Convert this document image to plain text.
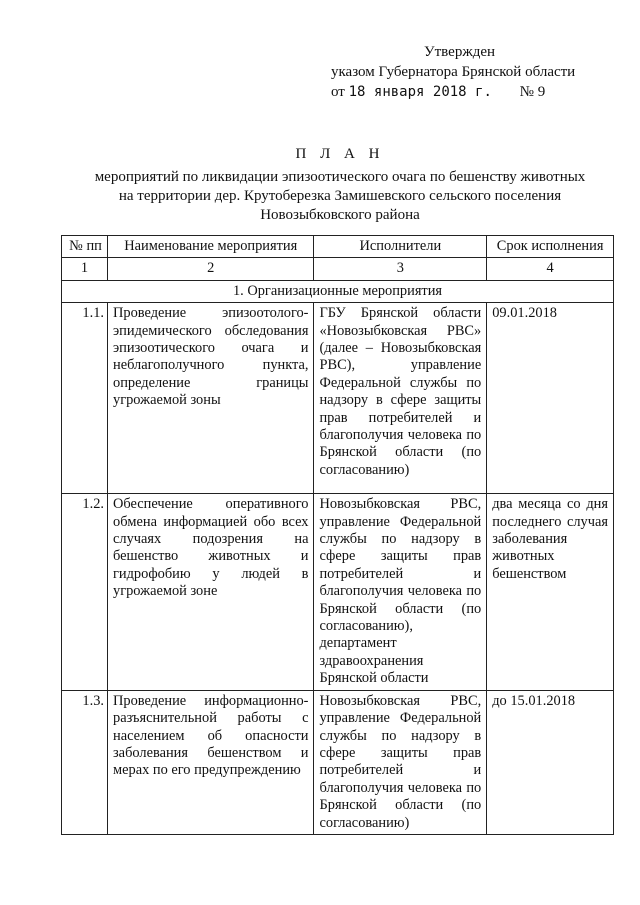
Утвержден
указом Губернатора Брянской области
от 18 января 2018 г. № 9
П Л А Н
мероприятий по ликвидации эпизоотического очага по бешенству животных
на территории дер. Крутоберезка Замишевского сельского поселения
Новозыбковского района
№ пп	Наименование мероприятия	Исполнители	Срок исполнения
1	2	3	4
1. Организационные мероприятия			
1.1.	Проведение эпизоотолого-эпидемического обследования эпизоотического очага и неблагополучного пункта, определение границы угрожаемой зоны	ГБУ Брянской области «Новозыбковская РВС» (далее – Новозыбковская РВС), управление Федеральной службы по надзору в сфере защиты прав потребителей и благополучия человека по Брянской области (по согласованию)	09.01.2018
1.2.	Обеспечение оперативного обмена информацией обо всех случаях подозрения на бешенство животных и гидрофобию у людей в угрожаемой зоне	Новозыбковская РВС, управление Федеральной службы по надзору в сфере защиты прав потребителей и благополучия человека по Брянской области (по согласованию), департамент здравоохранения Брянской области	два месяца со дня последнего случая заболевания животных бешенством
1.3.	Проведение информационно-разъяснительной работы с населением об опасности заболевания бешенством и мерах по его предупреждению	Новозыбковская РВС, управление Федеральной службы по надзору в сфере защиты прав потребителей и благополучия человека по Брянской области (по согласованию)	до 15.01.2018
